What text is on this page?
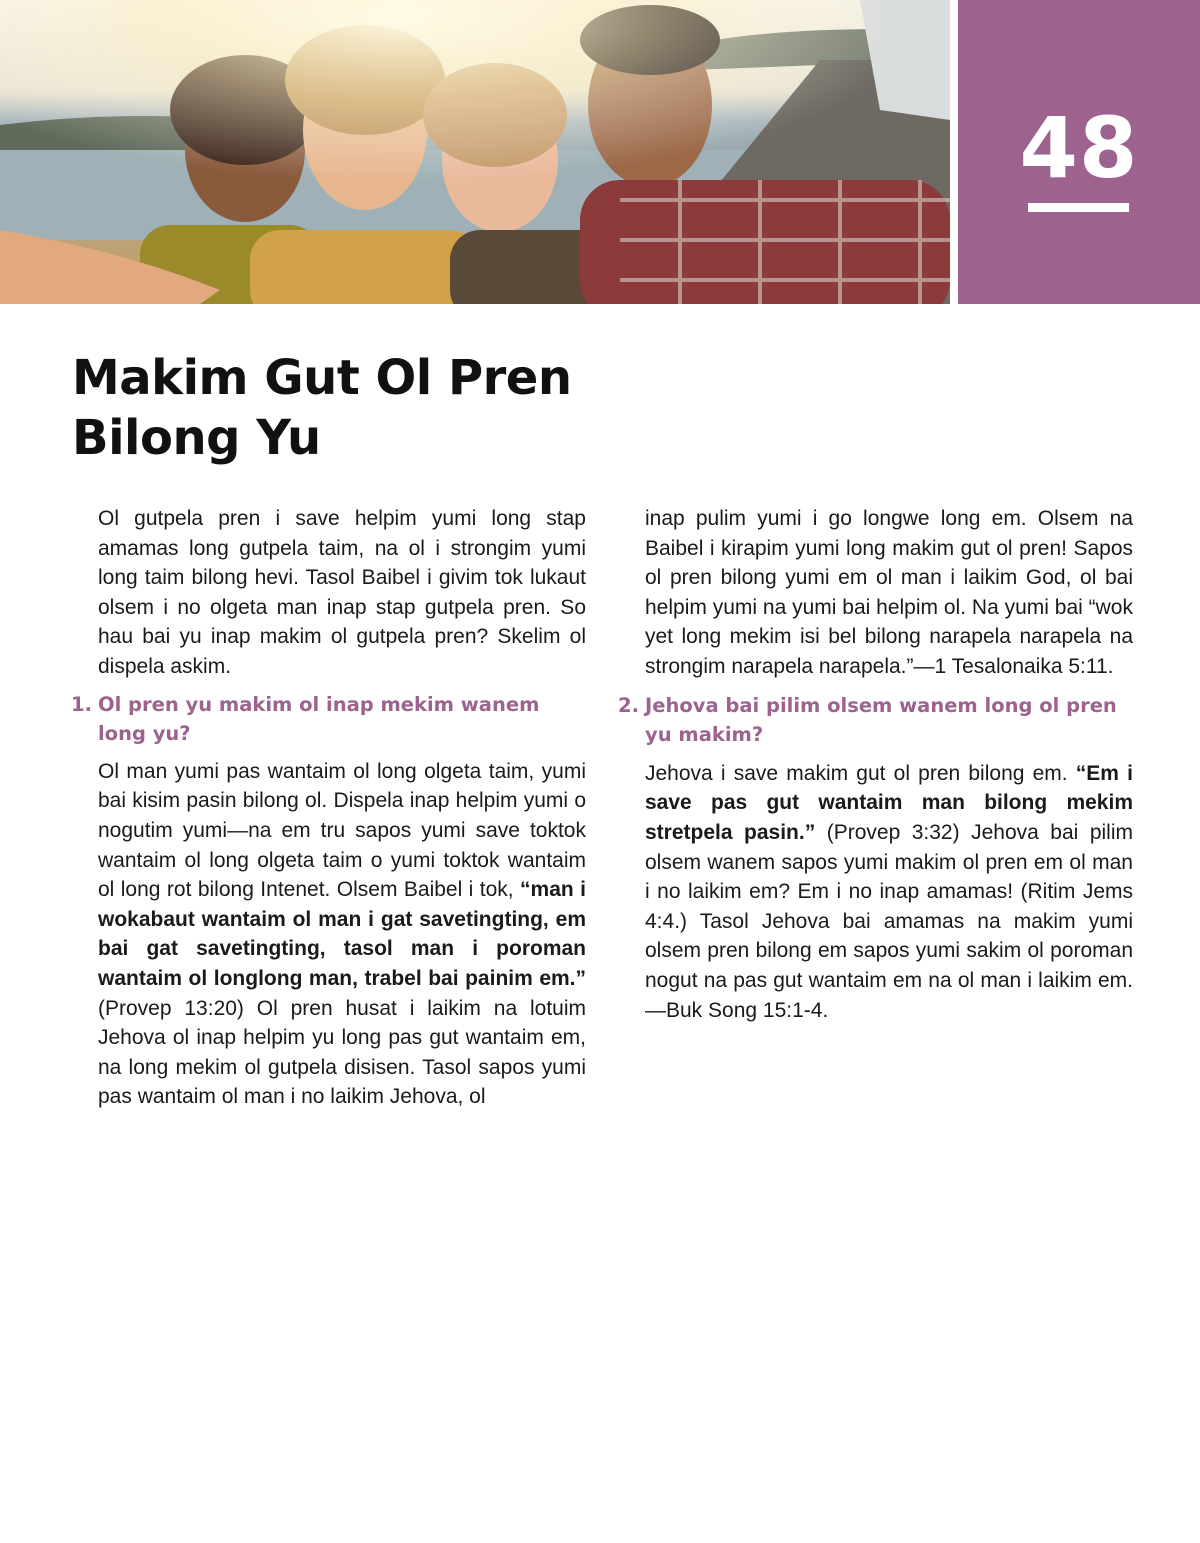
48
Makim Gut Ol Pren
Bilong Yu

Ol gutpela pren i save helpim yumi long stap amamas long gutpela taim, na ol i strongim yumi long taim bilong hevi. Tasol Baibel i givim tok lukaut olsem i no olgeta man inap stap gutpela pren. So hau bai yu inap makim ol gutpela pren? Skelim ol dispela askim.

1. Ol pren yu makim ol inap mekim wanem long yu?

Ol man yumi pas wantaim ol long olgeta taim, yumi bai kisim pasin bilong ol. Dispela inap helpim yumi o nogutim yumi—na em tru sapos yumi save toktok wantaim ol long olgeta taim o yumi toktok wantaim ol long rot bilong Intenet. Olsem Baibel i tok, “man i wokabaut wantaim ol man i gat savetingting, em bai gat savetingting, tasol man i poroman wantaim ol longlong man, trabel bai painim em.” (Provep 13:20) Ol pren husat i laikim na lotuim Jehova ol inap helpim yu long pas gut wantaim em, na long mekim ol gutpela disisen. Tasol sapos yumi pas wantaim ol man i no laikim Jehova, ol

inap pulim yumi i go longwe long em. Olsem na Baibel i kirapim yumi long makim gut ol pren! Sapos ol pren bilong yumi em ol man i laikim God, ol bai helpim yumi na yumi bai helpim ol. Na yumi bai “wok yet long mekim isi bel bilong narapela narapela na strongim narapela narapela.”—1 Tesalonaika 5:11.

2. Jehova bai pilim olsem wanem long ol pren yu makim?

Jehova i save makim gut ol pren bilong em. “Em i save pas gut wantaim man bilong mekim stretpela pasin.” (Provep 3:32) Jehova bai pilim olsem wanem sapos yumi makim ol pren em ol man i no laikim em? Em i no inap amamas! (Ritim Jems 4:4.) Tasol Jehova bai amamas na makim yumi olsem pren bilong em sapos yumi sakim ol poroman nogut na pas gut wantaim em na ol man i laikim em.—Buk Song 15:1-4.
